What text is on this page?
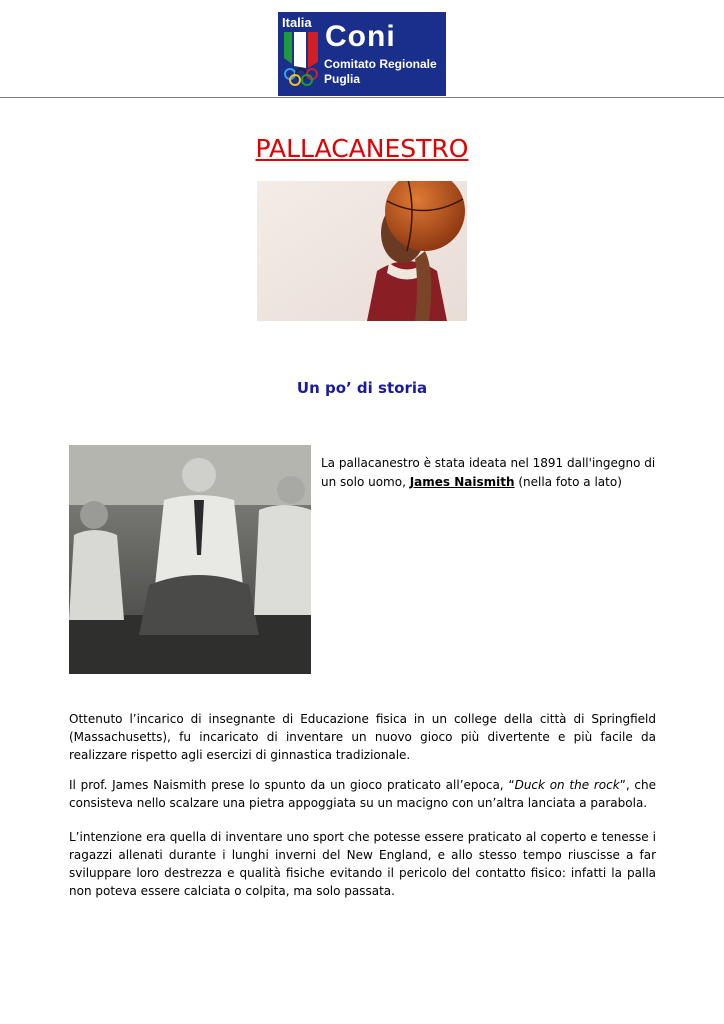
Italia Coni
Comitato Regionale
Puglia
PALLACANESTRO
Un po’ di storia
La pallacanestro è stata ideata nel 1891 dall'ingegno di un solo uomo, James Naismith (nella foto a lato)
Ottenuto l’incarico di insegnante di Educazione fisica in un college della città di Springfield (Massachusetts), fu incaricato di inventare un nuovo gioco più divertente e più facile da realizzare rispetto agli esercizi di ginnastica tradizionale.
Il prof. James Naismith prese lo spunto da un gioco praticato all’epoca, “Duck on the rock”, che consisteva nello scalzare una pietra appoggiata su un macigno con un’altra lanciata a parabola.
L’intenzione era quella di inventare uno sport che potesse essere praticato al coperto e tenesse i ragazzi allenati durante i lunghi inverni del New England, e allo stesso tempo riuscisse a far sviluppare loro destrezza e qualità fisiche evitando il pericolo del contatto fisico: infatti la palla non poteva essere calciata o colpita, ma solo passata.
